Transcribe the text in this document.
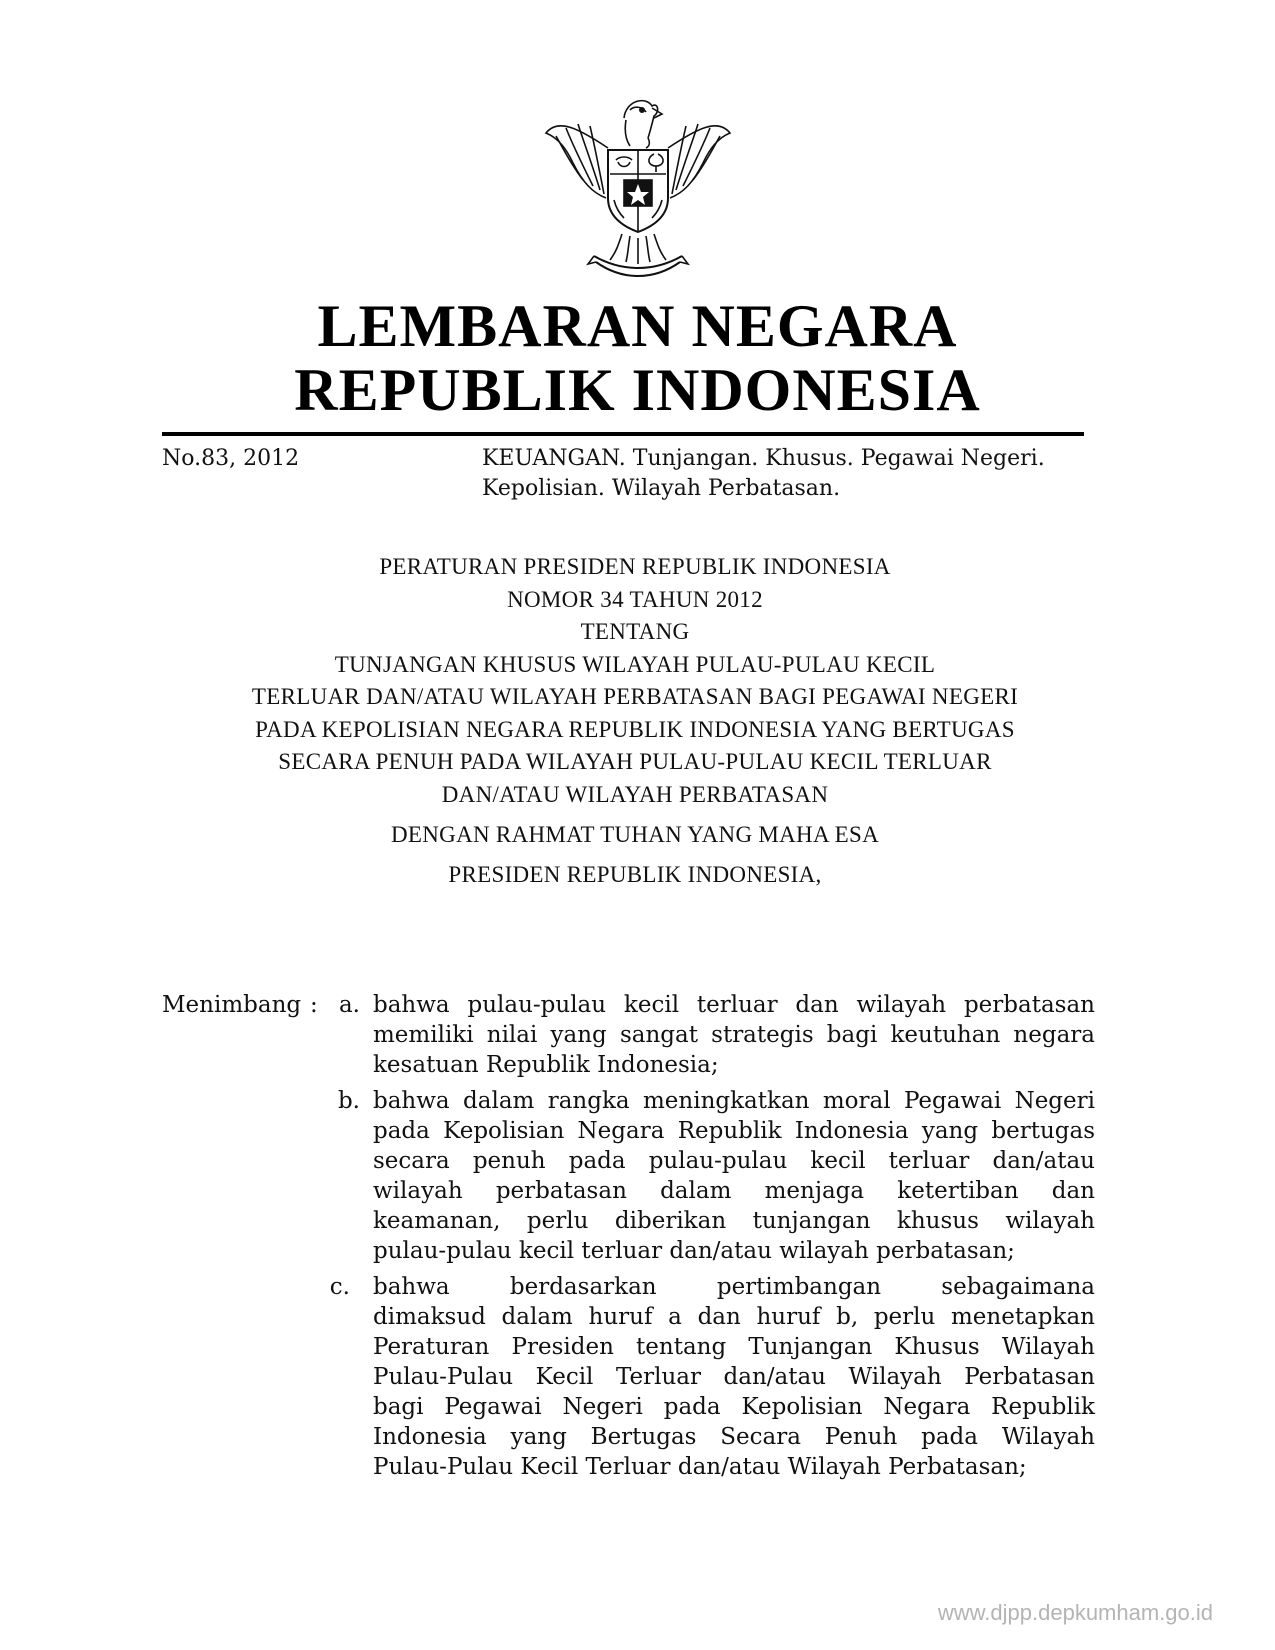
LEMBARAN NEGARA
REPUBLIK INDONESIA
No.83, 2012	KEUANGAN. Tunjangan. Khusus. Pegawai Negeri.
Kepolisian. Wilayah Perbatasan.
PERATURAN PRESIDEN REPUBLIK INDONESIA
NOMOR 34 TAHUN 2012
TENTANG
TUNJANGAN KHUSUS WILAYAH PULAU-PULAU KECIL
TERLUAR DAN/ATAU WILAYAH PERBATASAN BAGI PEGAWAI NEGERI
PADA KEPOLISIAN NEGARA REPUBLIK INDONESIA YANG BERTUGAS
SECARA PENUH PADA WILAYAH PULAU-PULAU KECIL TERLUAR
DAN/ATAU WILAYAH PERBATASAN
DENGAN RAHMAT TUHAN YANG MAHA ESA
PRESIDEN REPUBLIK INDONESIA,
Menimbang : a. bahwa pulau-pulau kecil terluar dan wilayah perbatasan
memiliki nilai yang sangat strategis bagi keutuhan negara
kesatuan Republik Indonesia;
b. bahwa dalam rangka meningkatkan moral Pegawai Negeri
pada Kepolisian Negara Republik Indonesia yang bertugas
secara penuh pada pulau-pulau kecil terluar dan/atau
wilayah perbatasan dalam menjaga ketertiban dan
keamanan, perlu diberikan tunjangan khusus wilayah
pulau-pulau kecil terluar dan/atau wilayah perbatasan;
c. bahwa berdasarkan pertimbangan sebagaimana
dimaksud dalam huruf a dan huruf b, perlu menetapkan
Peraturan Presiden tentang Tunjangan Khusus Wilayah
Pulau-Pulau Kecil Terluar dan/atau Wilayah Perbatasan
bagi Pegawai Negeri pada Kepolisian Negara Republik
Indonesia yang Bertugas Secara Penuh pada Wilayah
Pulau-Pulau Kecil Terluar dan/atau Wilayah Perbatasan;
www.djpp.depkumham.go.id
